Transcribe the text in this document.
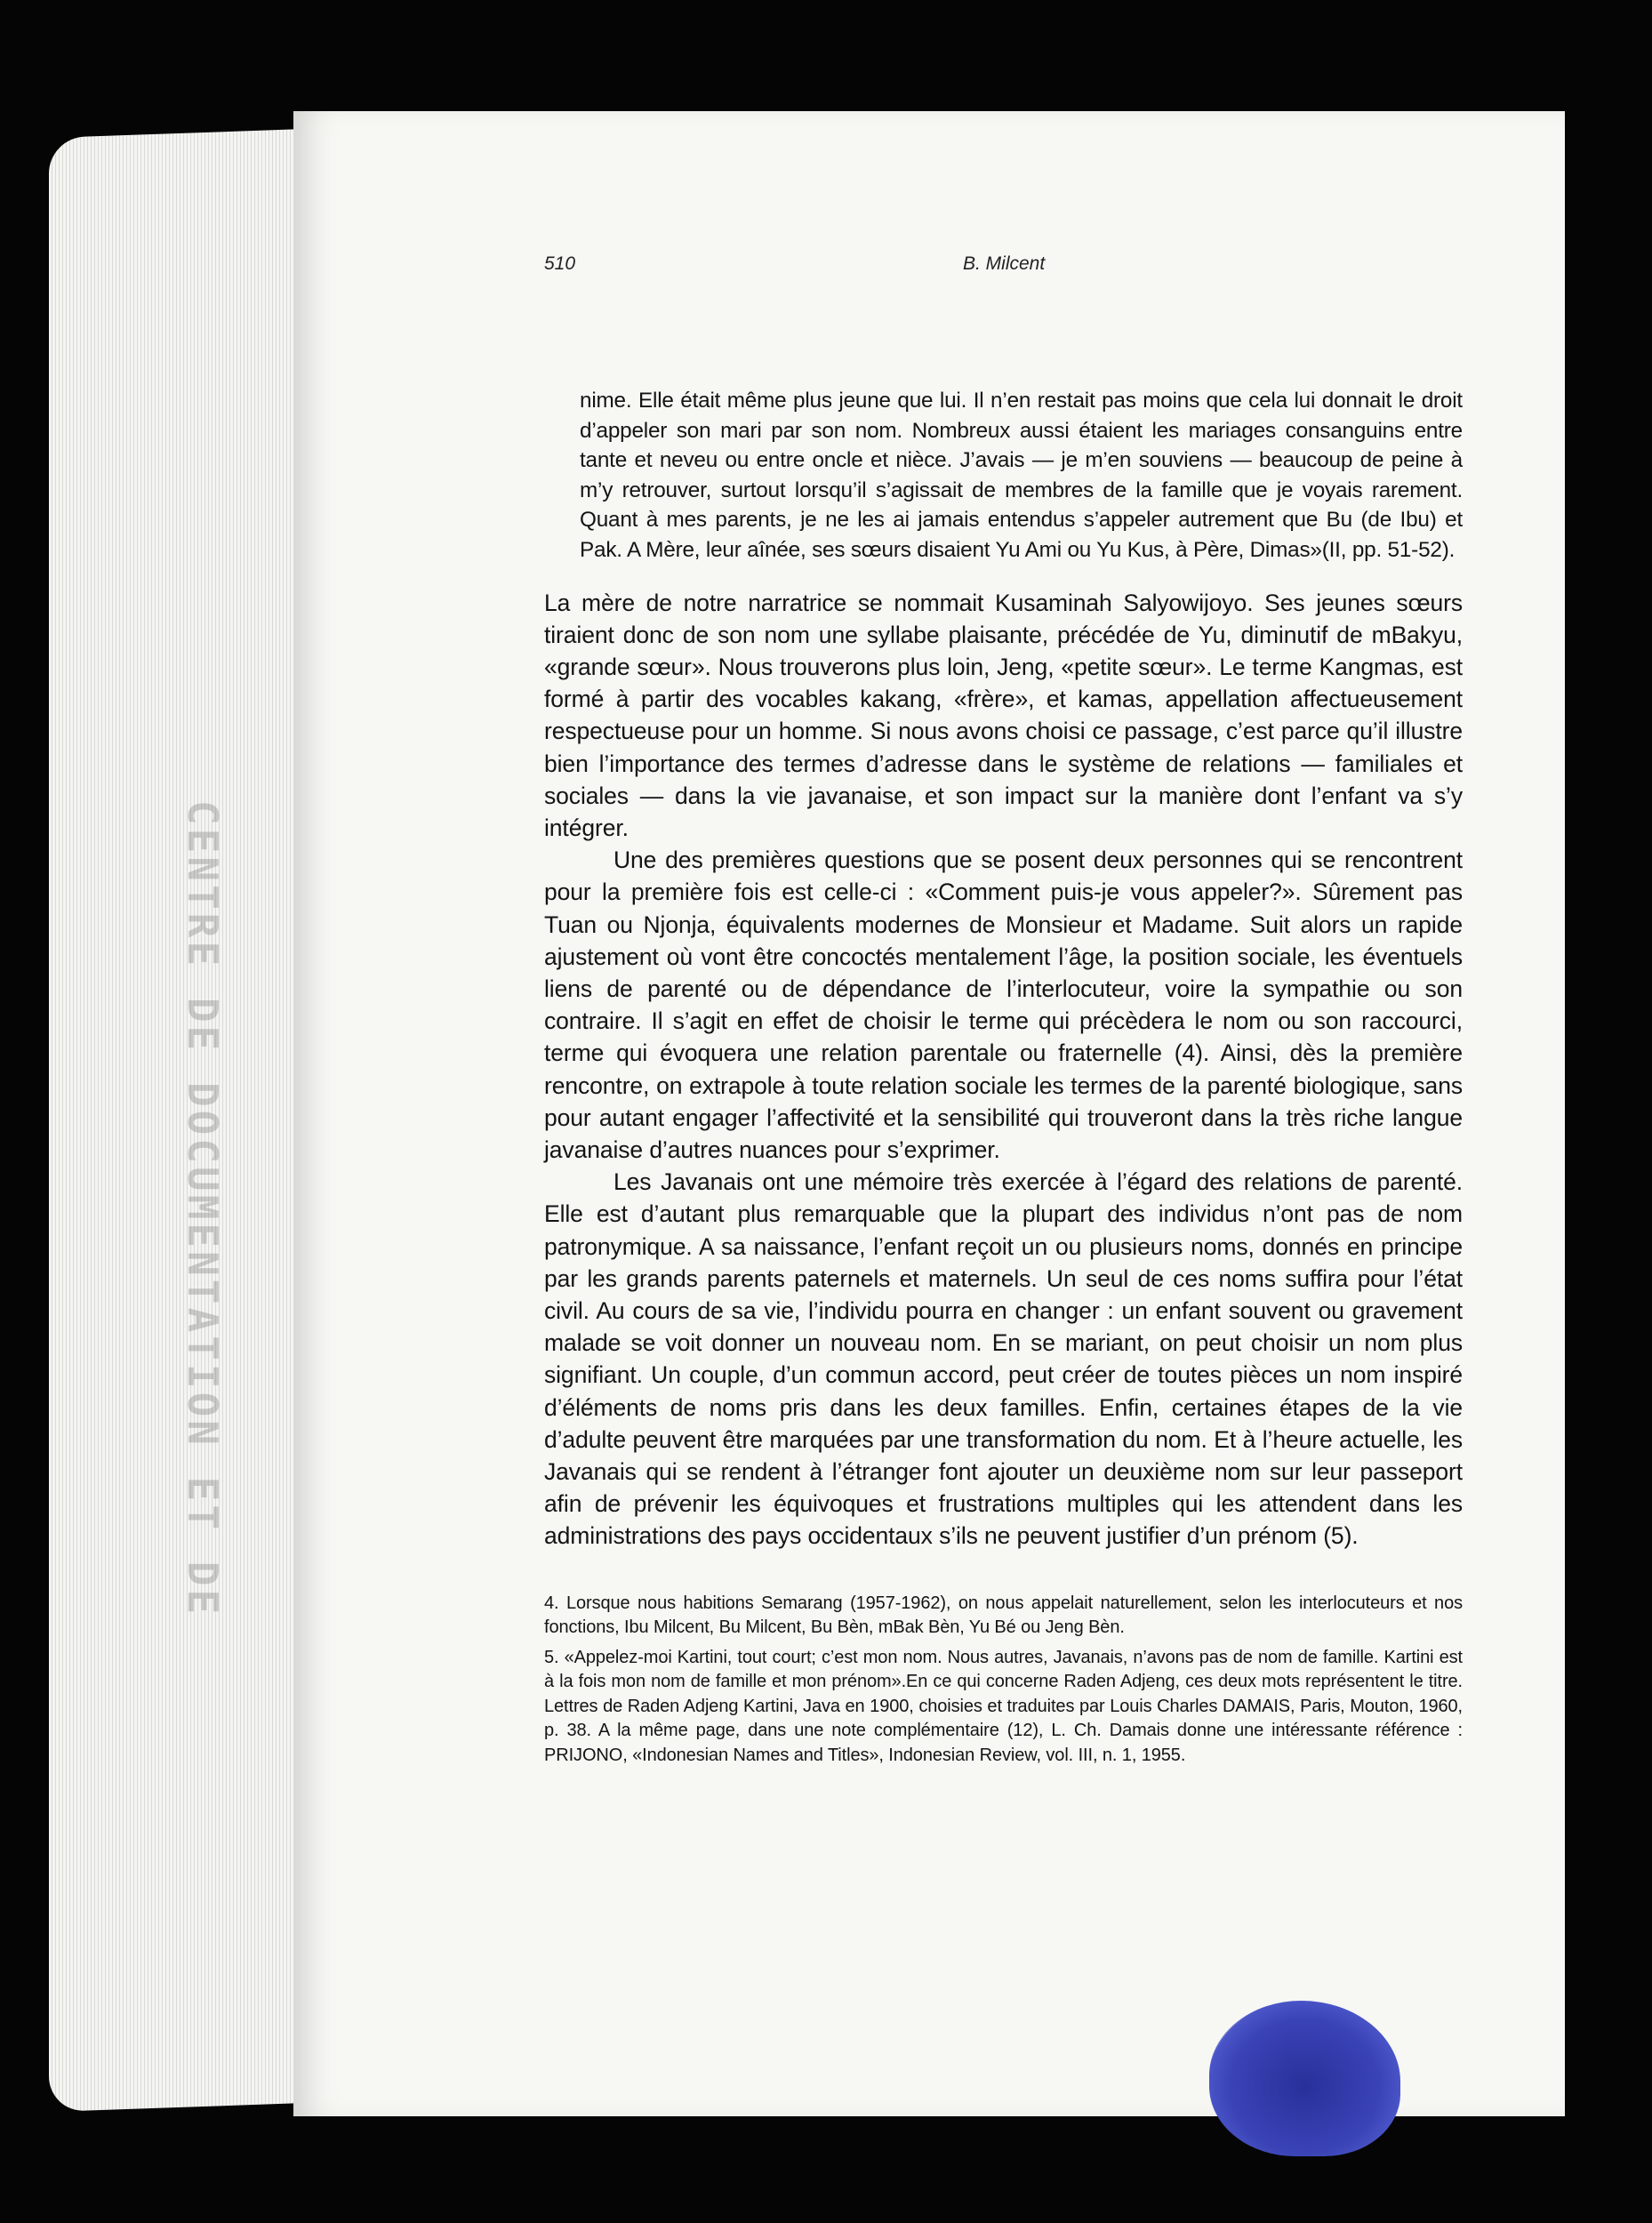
CENTRE DE DOCUMENTATION ET DE
510	B. Milcent

nime. Elle était même plus jeune que lui. Il n’en restait pas moins que cela lui donnait le droit d’appeler son mari par son nom. Nombreux aussi étaient les mariages consanguins entre tante et neveu ou entre oncle et nièce. J’avais — je m’en souviens — beaucoup de peine à m’y retrouver, surtout lorsqu’il s’agissait de membres de la famille que je voyais rarement. Quant à mes parents, je ne les ai jamais entendus s’appeler autrement que Bu (de Ibu) et Pak. A Mère, leur aînée, ses sœurs disaient Yu Ami ou Yu Kus, à Père, Dimas»(II, pp. 51-52).

La mère de notre narratrice se nommait Kusaminah Salyowijoyo. Ses jeunes sœurs tiraient donc de son nom une syllabe plaisante, précédée de Yu, diminutif de mBakyu, «grande sœur». Nous trouverons plus loin, Jeng, «petite sœur». Le terme Kangmas, est formé à partir des vocables kakang, «frère», et kamas, appellation affectueusement respectueuse pour un homme. Si nous avons choisi ce passage, c’est parce qu’il illustre bien l’importance des termes d’adresse dans le système de relations — familiales et sociales — dans la vie javanaise, et son impact sur la manière dont l’enfant va s’y intégrer.

Une des premières questions que se posent deux personnes qui se rencontrent pour la première fois est celle-ci : «Comment puis-je vous appeler?». Sûrement pas Tuan ou Njonja, équivalents modernes de Monsieur et Madame. Suit alors un rapide ajustement où vont être concoctés mentalement l’âge, la position sociale, les éventuels liens de parenté ou de dépendance de l’interlocuteur, voire la sympathie ou son contraire. Il s’agit en effet de choisir le terme qui précèdera le nom ou son raccourci, terme qui évoquera une relation parentale ou fraternelle (4). Ainsi, dès la première rencontre, on extrapole à toute relation sociale les termes de la parenté biologique, sans pour autant engager l’affectivité et la sensibilité qui trouveront dans la très riche langue javanaise d’autres nuances pour s’exprimer.

Les Javanais ont une mémoire très exercée à l’égard des relations de parenté. Elle est d’autant plus remarquable que la plupart des individus n’ont pas de nom patronymique. A sa naissance, l’enfant reçoit un ou plusieurs noms, donnés en principe par les grands parents paternels et maternels. Un seul de ces noms suffira pour l’état civil. Au cours de sa vie, l’individu pourra en changer : un enfant souvent ou gravement malade se voit donner un nouveau nom. En se mariant, on peut choisir un nom plus signifiant. Un couple, d’un commun accord, peut créer de toutes pièces un nom inspiré d’éléments de noms pris dans les deux familles. Enfin, certaines étapes de la vie d’adulte peuvent être marquées par une transformation du nom. Et à l’heure actuelle, les Javanais qui se rendent à l’étranger font ajouter un deuxième nom sur leur passeport afin de prévenir les équivoques et frustrations multiples qui les attendent dans les administrations des pays occidentaux s’ils ne peuvent justifier d’un prénom (5).

4. Lorsque nous habitions Semarang (1957-1962), on nous appelait naturellement, selon les interlocuteurs et nos fonctions, Ibu Milcent, Bu Milcent, Bu Bèn, mBak Bèn, Yu Bé ou Jeng Bèn.

5. «Appelez-moi Kartini, tout court; c’est mon nom. Nous autres, Javanais, n’avons pas de nom de famille. Kartini est à la fois mon nom de famille et mon prénom».En ce qui concerne Raden Adjeng, ces deux mots représentent le titre. Lettres de Raden Adjeng Kartini, Java en 1900, choisies et traduites par Louis Charles DAMAIS, Paris, Mouton, 1960, p. 38. A la même page, dans une note complémentaire (12), L. Ch. Damais donne une intéressante référence : PRIJONO, «Indonesian Names and Titles», Indonesian Review, vol. III, n. 1, 1955.
